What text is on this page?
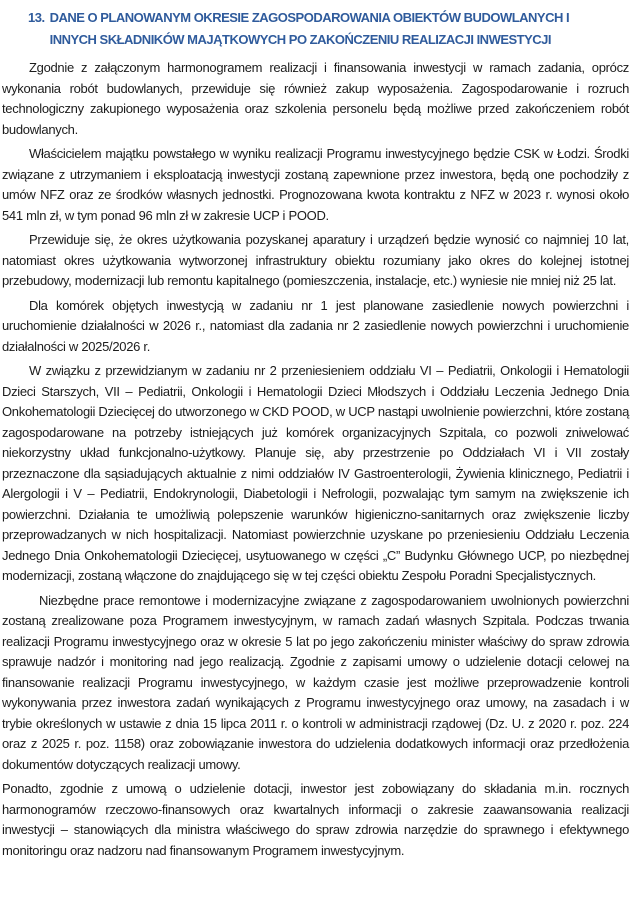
13. DANE O PLANOWANYM OKRESIE ZAGOSPODAROWANIA OBIEKTÓW BUDOWLANYCH I INNYCH SKŁADNIKÓW MAJĄTKOWYCH PO ZAKOŃCZENIU REALIZACJI INWESTYCJI

Zgodnie z załączonym harmonogramem realizacji i finansowania inwestycji w ramach zadania, oprócz wykonania robót budowlanych, przewiduje się również zakup wyposażenia. Zagospodarowanie i rozruch technologiczny zakupionego wyposażenia oraz szkolenia personelu będą możliwe przed zakończeniem robót budowlanych.

Właścicielem majątku powstałego w wyniku realizacji Programu inwestycyjnego będzie CSK w Łodzi. Środki związane z utrzymaniem i eksploatacją inwestycji zostaną zapewnione przez inwestora, będą one pochodziły z umów NFZ oraz ze środków własnych jednostki. Prognozowana kwota kontraktu z NFZ w 2023 r. wynosi około 541 mln zł, w tym ponad 96 mln zł w zakresie UCP i POOD.

Przewiduje się, że okres użytkowania pozyskanej aparatury i urządzeń będzie wynosić co najmniej 10 lat, natomiast okres użytkowania wytworzonej infrastruktury obiektu rozumiany jako okres do kolejnej istotnej przebudowy, modernizacji lub remontu kapitalnego (pomieszczenia, instalacje, etc.) wyniesie nie mniej niż 25 lat.

Dla komórek objętych inwestycją w zadaniu nr 1 jest planowane zasiedlenie nowych powierzchni i uruchomienie działalności w 2026 r., natomiast dla zadania nr 2 zasiedlenie nowych powierzchni i uruchomienie działalności w 2025/2026 r.

W związku z przewidzianym w zadaniu nr 2 przeniesieniem oddziału VI – Pediatrii, Onkologii i Hematologii Dzieci Starszych, VII – Pediatrii, Onkologii i Hematologii Dzieci Młodszych i Oddziału Leczenia Jednego Dnia Onkohematologii Dziecięcej do utworzonego w CKD POOD, w UCP nastąpi uwolnienie powierzchni, które zostaną zagospodarowane na potrzeby istniejących już komórek organizacyjnych Szpitala, co pozwoli zniwelować niekorzystny układ funkcjonalno-użytkowy. Planuje się, aby przestrzenie po Oddziałach VI i VII zostały przeznaczone dla sąsiadujących aktualnie z nimi oddziałów IV Gastroenterologii, Żywienia klinicznego, Pediatrii i Alergologii i V – Pediatrii, Endokrynologii, Diabetologii i Nefrologii, pozwalając tym samym na zwiększenie ich powierzchni. Działania te umożliwią polepszenie warunków higieniczno-sanitarnych oraz zwiększenie liczby przeprowadzanych w nich hospitalizacji. Natomiast powierzchnie uzyskane po przeniesieniu Oddziału Leczenia Jednego Dnia Onkohematologii Dziecięcej, usytuowanego w części „C” Budynku Głównego UCP, po niezbędnej modernizacji, zostaną włączone do znajdującego się w tej części obiektu Zespołu Poradni Specjalistycznych.

Niezbędne prace remontowe i modernizacyjne związane z zagospodarowaniem uwolnionych powierzchni zostaną zrealizowane poza Programem inwestycyjnym, w ramach zadań własnych Szpitala. Podczas trwania realizacji Programu inwestycyjnego oraz w okresie 5 lat po jego zakończeniu minister właściwy do spraw zdrowia sprawuje nadzór i monitoring nad jego realizacją. Zgodnie z zapisami umowy o udzielenie dotacji celowej na finansowanie realizacji Programu inwestycyjnego, w każdym czasie jest możliwe przeprowadzenie kontroli wykonywania przez inwestora zadań wynikających z Programu inwestycyjnego oraz umowy, na zasadach i w trybie określonych w ustawie z dnia 15 lipca 2011 r. o kontroli w administracji rządowej (Dz. U. z 2020 r. poz. 224 oraz z 2025 r. poz. 1158) oraz zobowiązanie inwestora do udzielenia dodatkowych informacji oraz przedłożenia dokumentów dotyczących realizacji umowy.

Ponadto, zgodnie z umową o udzielenie dotacji, inwestor jest zobowiązany do składania m.in. rocznych harmonogramów rzeczowo-finansowych oraz kwartalnych informacji o zakresie zaawansowania realizacji inwestycji – stanowiących dla ministra właściwego do spraw zdrowia narzędzie do sprawnego i efektywnego monitoringu oraz nadzoru nad finansowanym Programem inwestycyjnym.
